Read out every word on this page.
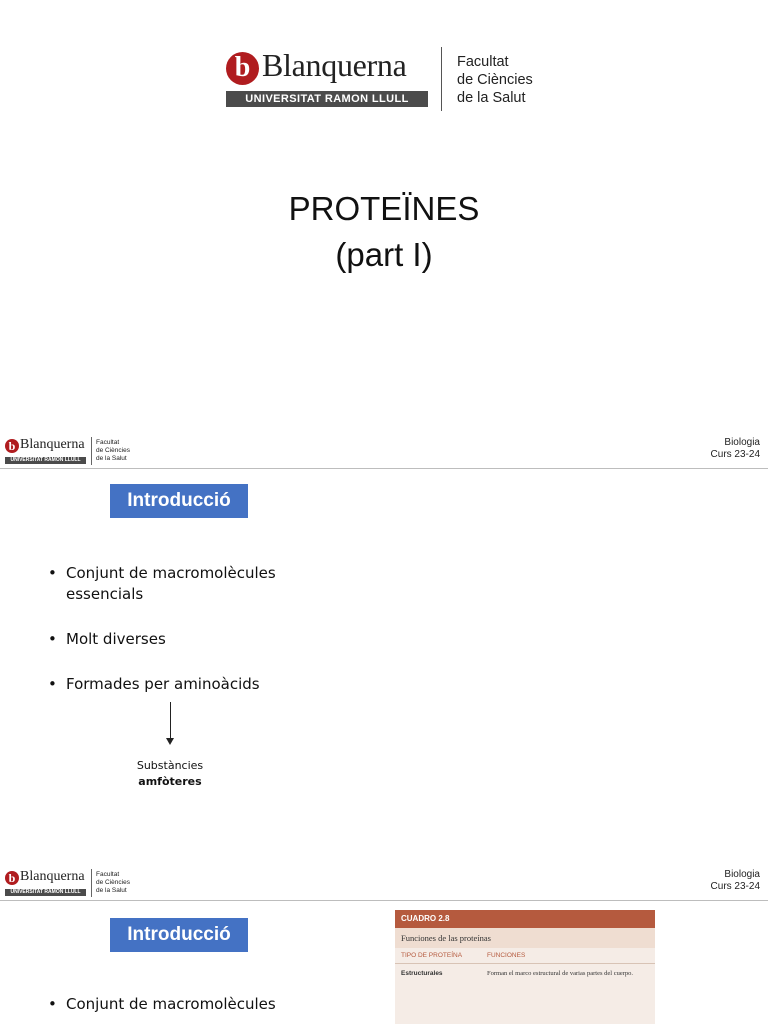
b Blanquerna
UNIVERSITAT RAMON LLULL
Facultat
de Ciències
de la Salut
PROTEÏNES
(part I)
b Blanquerna
UNIVERSITAT RAMON LLULL
Facultat
de Ciències
de la Salut
Biologia
Curs 23-24
Introducció
• Conjunt de macromolècules essencials
• Molt diverses
• Formades per aminoàcids
Substàncies
amfòteres
b Blanquerna
UNIVERSITAT RAMON LLULL
Facultat
de Ciències
de la Salut
Biologia
Curs 23-24
Introducció
• Conjunt de macromolècules
CUADRO 2.8
Funciones de las proteínas
TIPO DE PROTEÍNA	FUNCIONES
Estructurales	Forman el marco estructural de varias partes del cuerpo.
